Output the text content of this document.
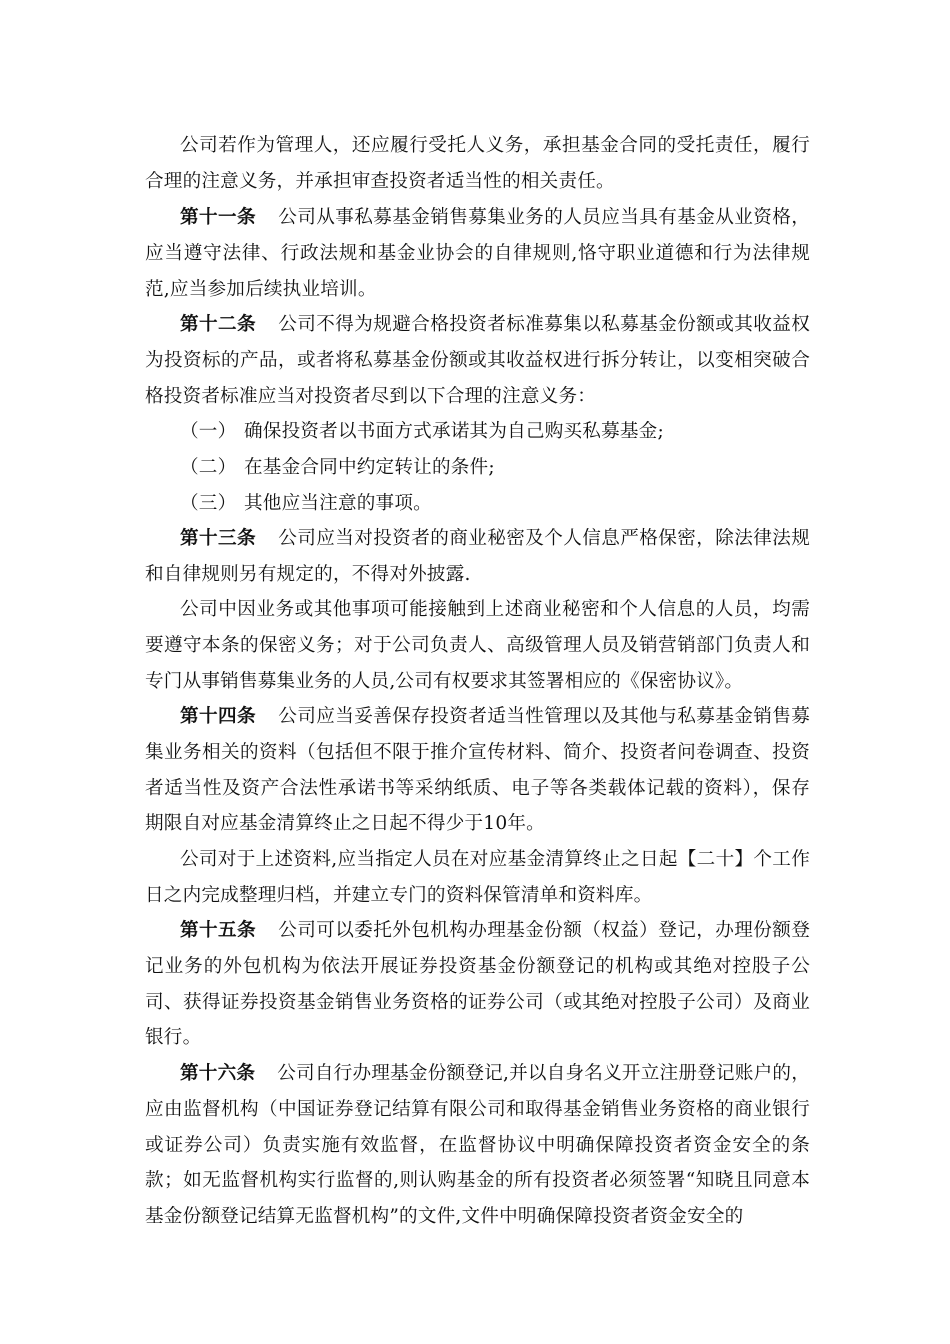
公司若作为管理人，还应履行受托人义务，承担基金合同的受托责任，履行合理的注意义务，并承担审查投资者适当性的相关责任。

第十一条 公司从事私募基金销售募集业务的人员应当具有基金从业资格，应当遵守法律、行政法规和基金业协会的自律规则,恪守职业道德和行为法律规范,应当参加后续执业培训。

第十二条 公司不得为规避合格投资者标准募集以私募基金份额或其收益权为投资标的产品，或者将私募基金份额或其收益权进行拆分转让，以变相突破合格投资者标准应当对投资者尽到以下合理的注意义务：

（一） 确保投资者以书面方式承诺其为自己购买私募基金;

（二） 在基金合同中约定转让的条件;

（三） 其他应当注意的事项。

第十三条 公司应当对投资者的商业秘密及个人信息严格保密，除法律法规和自律规则另有规定的，不得对外披露.

公司中因业务或其他事项可能接触到上述商业秘密和个人信息的人员，均需要遵守本条的保密义务；对于公司负责人、高级管理人员及销营销部门负责人和专门从事销售募集业务的人员,公司有权要求其签署相应的《保密协议》。

第十四条 公司应当妥善保存投资者适当性管理以及其他与私募基金销售募集业务相关的资料（包括但不限于推介宣传材料、简介、投资者问卷调查、投资者适当性及资产合法性承诺书等采纳纸质、电子等各类载体记载的资料），保存期限自对应基金清算终止之日起不得少于10年。

公司对于上述资料,应当指定人员在对应基金清算终止之日起【二十】个工作日之内完成整理归档，并建立专门的资料保管清单和资料库。

第十五条 公司可以委托外包机构办理基金份额（权益）登记，办理份额登记业务的外包机构为依法开展证券投资基金份额登记的机构或其绝对控股子公司、获得证券投资基金销售业务资格的证券公司（或其绝对控股子公司）及商业银行。

第十六条 公司自行办理基金份额登记,并以自身名义开立注册登记账户的，应由监督机构（中国证券登记结算有限公司和取得基金销售业务资格的商业银行或证券公司）负责实施有效监督，在监督协议中明确保障投资者资金安全的条款；如无监督机构实行监督的,则认购基金的所有投资者必须签署“知晓且同意本基金份额登记结算无监督机构”的文件,文件中明确保障投资者资金安全的
